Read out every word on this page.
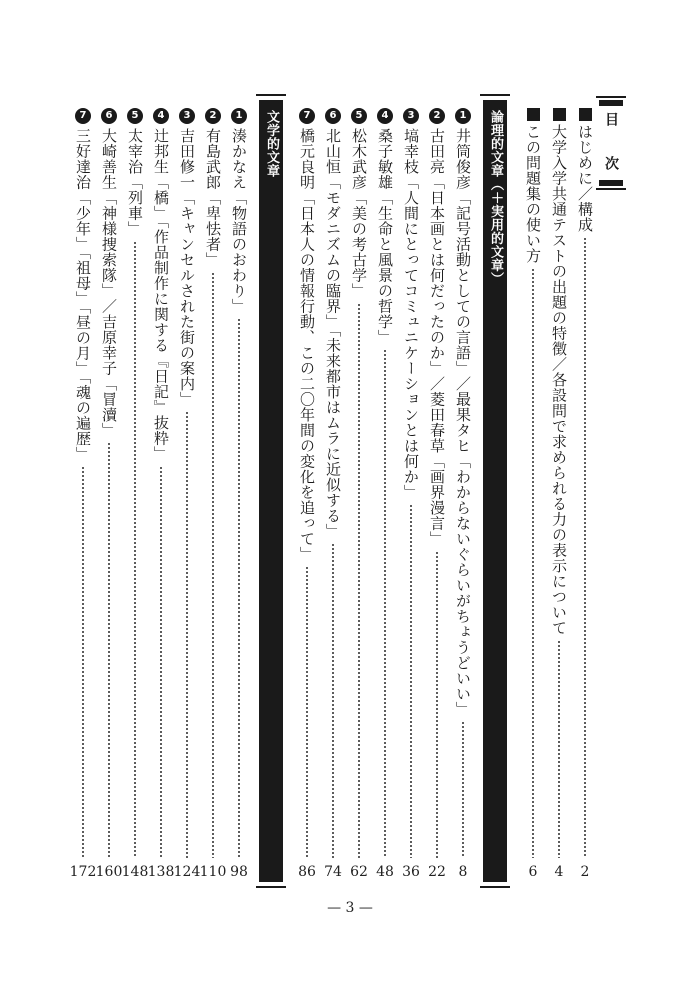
目　次
はじめに／構成
2
大学入学共通テストの出題の特徴／各設問で求められる力の表示について
4
この問題集の使い方
6
論理的文章（＋実用的文章）
1
井筒俊彦「記号活動としての言語」／最果タヒ「わからないぐらいがちょうどいい」
8
2
古田亮「日本画とは何だったのか」／菱田春草「画界漫言」
22
3
塙幸枝「人間にとってコミュニケーションとは何か」
36
4
桑子敏雄「生命と風景の哲学」
48
5
松木武彦「美の考古学」
62
6
北山恒「モダニズムの臨界」「未来都市はムラに近似する」
74
7
橋元良明「日本人の情報行動、この二〇年間の変化を追って」
86
文学的文章
1
湊かなえ「物語のおわり」
98
2
有島武郎「卑怯者」
110
3
吉田修一「キャンセルされた街の案内」
124
4
辻邦生「橋」「作品制作に関する『日記』抜粋」
138
5
太宰治「列車」
148
6
大崎善生「神様捜索隊」／吉原幸子「冒瀆」
160
7
三好達治「少年」「祖母」「昼の月」「魂の遍歴」
172
— 3 —
